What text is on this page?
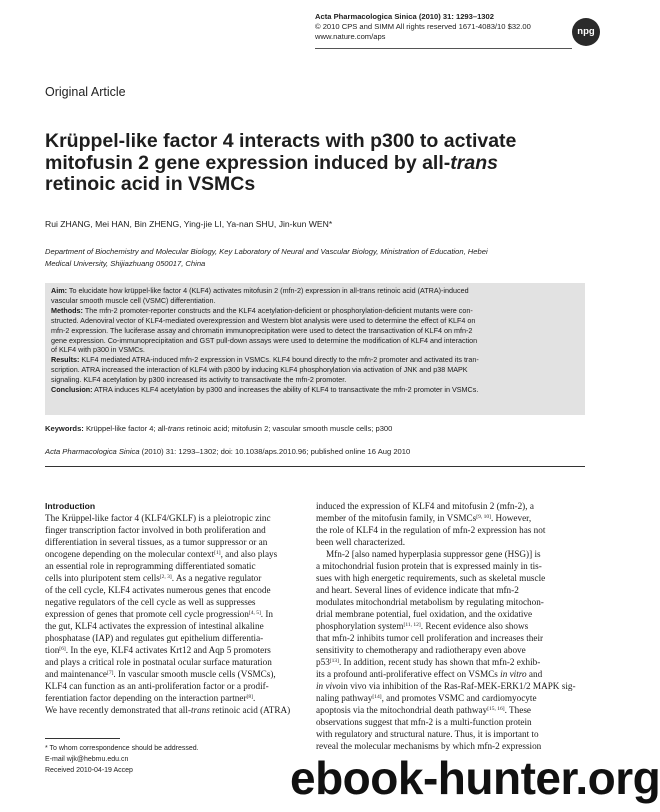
Acta Pharmacologica Sinica (2010) 31: 1293–1302
© 2010 CPS and SIMM All rights reserved 1671-4083/10 $32.00
www.nature.com/aps	npg
Original Article
Krüppel-like factor 4 interacts with p300 to activate
mitofusin 2 gene expression induced by all-trans
retinoic acid in VSMCs
Rui ZHANG, Mei HAN, Bin ZHENG, Ying-jie LI, Ya-nan SHU, Jin-kun WEN*
Department of Biochemistry and Molecular Biology, Key Laboratory of Neural and Vascular Biology, Ministration of Education, Hebei
Medical University, Shijiazhuang 050017, China
Aim: To elucidate how krüppel-like factor 4 (KLF4) activates mitofusin 2 (mfn-2) expression in all-trans retinoic acid (ATRA)-induced
vascular smooth muscle cell (VSMC) differentiation.
Methods: The mfn-2 promoter-reporter constructs and the KLF4 acetylation-deficient or phosphorylation-deficient mutants were con-
structed. Adenoviral vector of KLF4-mediated overexpression and Western blot analysis were used to determine the effect of KLF4 on
mfn-2 expression. The luciferase assay and chromatin immunoprecipitation were used to detect the transactivation of KLF4 on mfn-2
gene expression. Co-immunoprecipitation and GST pull-down assays were used to determine the modification of KLF4 and interaction
of KLF4 with p300 in VSMCs.
Results: KLF4 mediated ATRA-induced mfn-2 expression in VSMCs. KLF4 bound directly to the mfn-2 promoter and activated its tran-
scription. ATRA increased the interaction of KLF4 with p300 by inducing KLF4 phosphorylation via activation of JNK and p38 MAPK
signaling. KLF4 acetylation by p300 increased its activity to transactivate the mfn-2 promoter.
Conclusion: ATRA induces KLF4 acetylation by p300 and increases the ability of KLF4 to transactivate the mfn-2 promoter in VSMCs.
Keywords: Krüppel-like factor 4; all-trans retinoic acid; mitofusin 2; vascular smooth muscle cells; p300
Acta Pharmacologica Sinica (2010) 31: 1293–1302; doi: 10.1038/aps.2010.96; published online 16 Aug 2010
Introduction
The Krüppel-like factor 4 (KLF4/GKLF) is a pleiotropic zinc
finger transcription factor involved in both proliferation and
differentiation in several tissues, as a tumor suppressor or an
oncogene depending on the molecular context[1], and also plays
an essential role in reprogramming differentiated somatic
cells into pluripotent stem cells[2, 3]. As a negative regulator
of the cell cycle, KLF4 activates numerous genes that encode
negative regulators of the cell cycle as well as suppresses
expression of genes that promote cell cycle progression[4, 5]. In
the gut, KLF4 activates the expression of intestinal alkaline
phosphatase (IAP) and regulates gut epithelium differentia-
tion[6]. In the eye, KLF4 activates Krt12 and Aqp 5 promoters
and plays a critical role in postnatal ocular surface maturation
and maintenance[7]. In vascular smooth muscle cells (VSMCs),
KLF4 can function as an anti-proliferation factor or a prodif-
ferentiation factor depending on the interaction partner[8].
We have recently demonstrated that all-trans retinoic acid (ATRA)
induced the expression of KLF4 and mitofusin 2 (mfn-2), a
member of the mitofusin family, in VSMCs[9, 10]. However,
the role of KLF4 in the regulation of mfn-2 expression has not
been well characterized.
Mfn-2 [also named hyperplasia suppressor gene (HSG)] is
a mitochondrial fusion protein that is expressed mainly in tis-
sues with high energetic requirements, such as skeletal muscle
and heart. Several lines of evidence indicate that mfn-2
modulates mitochondrial metabolism by regulating mitochon-
drial membrane potential, fuel oxidation, and the oxidative
phosphorylation system[11, 12]. Recent evidence also shows
that mfn-2 inhibits tumor cell proliferation and increases their
sensitivity to chemotherapy and radiotherapy even above
p53[13]. In addition, recent study has shown that mfn-2 exhib-
its a profound anti-proliferative effect on VSMCs in vitro and
in vivoin vivo via inhibition of the Ras-Raf-MEK-ERK1/2 MAPK sig-
naling pathway[14], and promotes VSMC and cardiomyocyte
apoptosis via the mitochondrial death pathway[15, 16]. These
observations suggest that mfn-2 is a multi-function protein
with regulatory and structural nature. Thus, it is important to
reveal the molecular mechanisms by which mfn-2 expression
* To whom correspondence should be addressed.
E-mail wjk@hebmu.edu.cn
Received 2010-04-19 Accep	ebook-hunter.org
